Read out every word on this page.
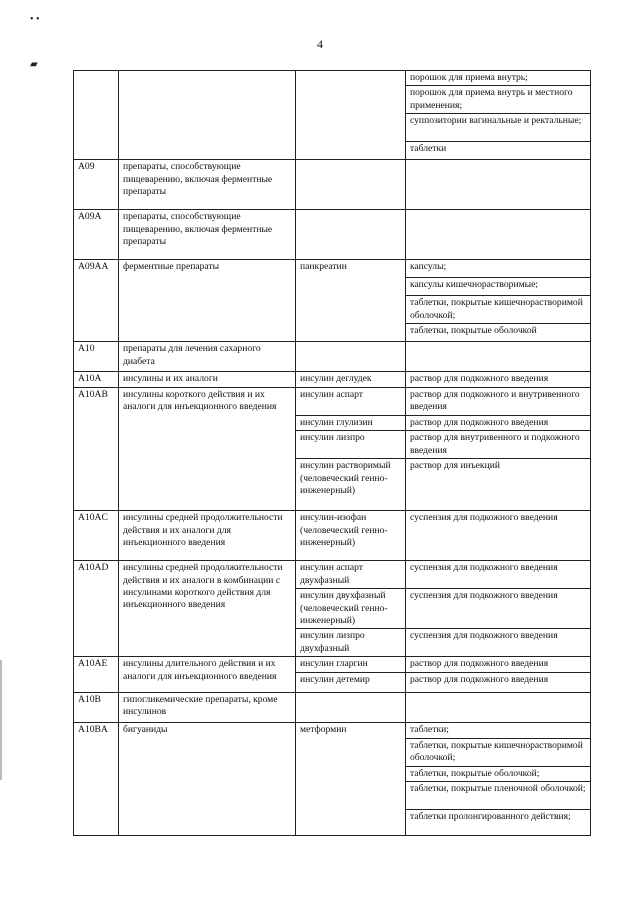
• •
▰
4
			порошок для приема внутрь;
			порошок для приема внутрь и местного применения;
			суппозитории вагинальные и ректальные;
			таблетки
A09	препараты, способствующие пищеварению, включая ферментные препараты		
A09A	препараты, способствующие пищеварению, включая ферментные препараты		
A09AA	ферментные препараты	панкреатин	капсулы;
			капсулы кишечнорастворимые;
			таблетки, покрытые кишечнорастворимой оболочкой;
			таблетки, покрытые оболочкой
A10	препараты для лечения сахарного диабета		
A10A	инсулины и их аналоги	инсулин деглудек	раствор для подкожного введения
A10AB	инсулины короткого действия и их аналоги для инъекционного введения	инсулин аспарт	раствор для подкожного и внутривенного введения
		инсулин глулизин	раствор для подкожного введения
		инсулин лизпро	раствор для внутривенного и подкожного введения
		инсулин растворимый (человеческий генно-инженерный)	раствор для инъекций
A10AC	инсулины средней продолжительности действия и их аналоги для инъекционного введения	инсулин-изофан (человеческий генно-инженерный)	суспензия для подкожного введения
A10AD	инсулины средней продолжительности действия и их аналоги в комбинации с инсулинами короткого действия для инъекционного введения	инсулин аспарт двухфазный	суспензия для подкожного введения
		инсулин двухфазный (человеческий генно-инженерный)	суспензия для подкожного введения
		инсулин лизпро двухфазный	суспензия для подкожного введения
A10AE	инсулины длительного действия и их аналоги для инъекционного введения	инсулин гларгин	раствор для подкожного введения
		инсулин детемир	раствор для подкожного введения
A10B	гипогликемические препараты, кроме инсулинов		
A10BA	бигуаниды	метформин	таблетки;
			таблетки, покрытые кишечнорастворимой оболочкой;
			таблетки, покрытые оболочкой;
			таблетки, покрытые пленочной оболочкой;
			таблетки пролонгированного действия;
